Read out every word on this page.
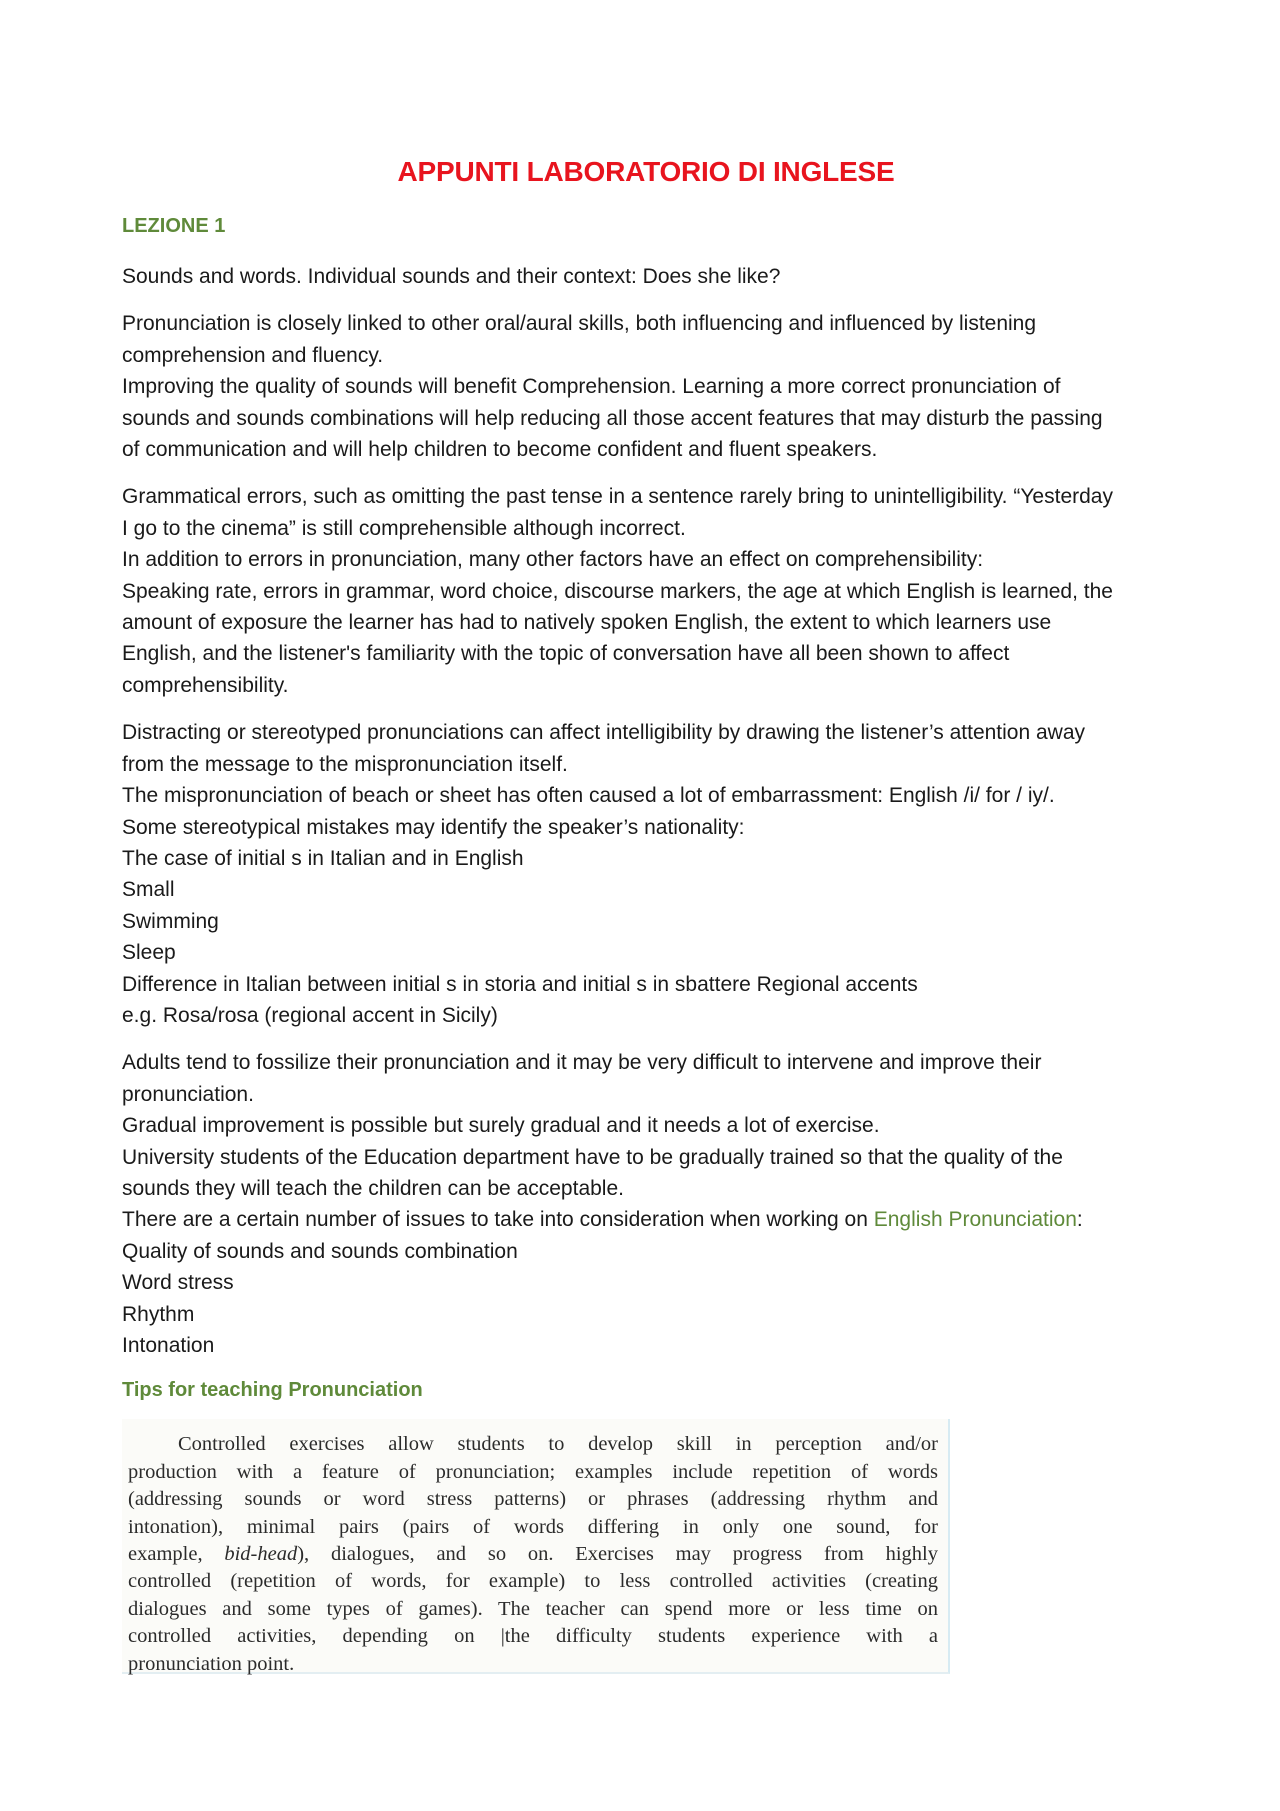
APPUNTI LABORATORIO DI INGLESE
LEZIONE 1

Sounds and words. Individual sounds and their context: Does she like?

Pronunciation is closely linked to other oral/aural skills, both influencing and influenced by listening
comprehension and fluency.
Improving the quality of sounds will benefit Comprehension. Learning a more correct pronunciation of
sounds and sounds combinations will help reducing all those accent features that may disturb the passing
of communication and will help children to become confident and fluent speakers.

Grammatical errors, such as omitting the past tense in a sentence rarely bring to unintelligibility. “Yesterday
I go to the cinema” is still comprehensible although incorrect.
In addition to errors in pronunciation, many other factors have an effect on comprehensibility:
Speaking rate, errors in grammar, word choice, discourse markers, the age at which English is learned, the
amount of exposure the learner has had to natively spoken English, the extent to which learners use
English, and the listener's familiarity with the topic of conversation have all been shown to affect
comprehensibility.

Distracting or stereotyped pronunciations can affect intelligibility by drawing the listener’s attention away
from the message to the mispronunciation itself.
The mispronunciation of beach or sheet has often caused a lot of embarrassment: English /i/ for / iy/.
Some stereotypical mistakes may identify the speaker’s nationality:
The case of initial s in Italian and in English
Small
Swimming
Sleep
Difference in Italian between initial s in storia and initial s in sbattere Regional accents
e.g. Rosa/rosa (regional accent in Sicily)

Adults tend to fossilize their pronunciation and it may be very difficult to intervene and improve their
pronunciation.
Gradual improvement is possible but surely gradual and it needs a lot of exercise.
University students of the Education department have to be gradually trained so that the quality of the
sounds they will teach the children can be acceptable.
There are a certain number of issues to take into consideration when working on English Pronunciation:
Quality of sounds and sounds combination
Word stress
Rhythm
Intonation

Tips for teaching Pronunciation
Controlled exercises allow students to develop skill in perception and/or
production with a feature of pronunciation; examples include repetition of words
(addressing sounds or word stress patterns) or phrases (addressing rhythm and
intonation), minimal pairs (pairs of words differing in only one sound, for
example, bid-head), dialogues, and so on. Exercises may progress from highly
controlled (repetition of words, for example) to less controlled activities (creating
dialogues and some types of games). The teacher can spend more or less time on
controlled activities, depending on |the difficulty students experience with a
pronunciation point.
